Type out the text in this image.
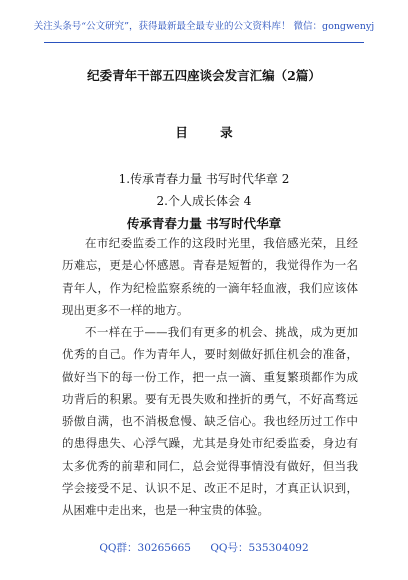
关注头条号“公文研究”，获得最新最全最专业的公文资料库！ 微信：gongwenyj
纪委青年干部五四座谈会发言汇编（2篇）
目 录
1.传承青春力量 书写时代华章 2
2.个人成长体会 4
传承青春力量 书写时代华章

在市纪委监委工作的这段时光里，我倍感光荣，且经历难忘，更是心怀感恩。青春是短暂的，我觉得作为一名青年人，作为纪检监察系统的一滴年轻血液，我们应该体现出更多不一样的地方。

不一样在于——我们有更多的机会、挑战，成为更加优秀的自己。作为青年人，要时刻做好抓住机会的准备，做好当下的每一份工作，把一点一滴、重复繁琐都作为成功背后的积累。要有无畏失败和挫折的勇气，不好高骛远骄傲自满，也不消极怠慢、缺乏信心。我也经历过工作中的患得患失、心浮气躁，尤其是身处市纪委监委，身边有太多优秀的前辈和同仁，总会觉得事情没有做好，但当我学会接受不足、认识不足、改正不足时，才真正认识到，从困难中走出来，也是一种宝贵的体验。

QQ群：30265665 QQ号：535304092
